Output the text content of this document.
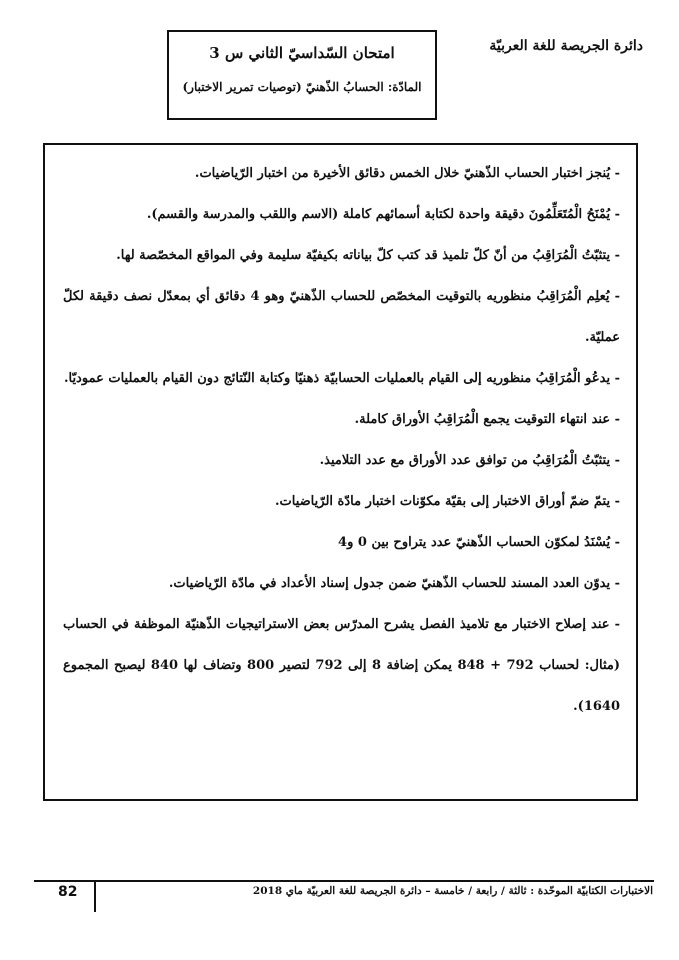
دائرة الجريصة للغة العربيّة
امتحان السّداسيّ الثاني س 3
المادّة: الحسابُ الذّهنيّ (توصيات تمرير الاختبار)

- يُنجز اختبار الحساب الذّهنيّ خلال الخمس دقائق الأخيرة من اختبار الرّياضيات.

- يُمْنَحُ الْمُتَعَلِّمُونَ دقيقة واحدة لكتابة أسمائهم كاملة (الاسم واللقب والمدرسة والقسم).

- يتثبّتُ الْمُرَاقِبُ من أنّ كلّ تلميذ قد كتب كلّ بياناته بكيفيّة سليمة وفي المواقع المخصّصة لها.

- يُعلِم الْمُرَاقِبُ منظوريه بالتوقيت المخصّص للحساب الذّهنيّ وهو 4 دقائق أي بمعدّل نصف دقيقة لكلّ عمليّة.

- يدعُو الْمُرَاقِبُ منظوريه إلى القيام بالعمليات الحسابيّة ذهنيّا وكتابة النّتائج دون القيام بالعمليات عموديّا.

- عند انتهاء التوقيت يجمع الْمُرَاقِبُ الأوراق كاملة.

- يتثبّتُ الْمُرَاقِبُ من توافق عدد الأوراق مع عدد التلاميذ.

- يتمّ ضمّ أوراق الاختبار إلى بقيّة مكوّنات اختبار مادّة الرّياضيات.

- يُسْنَدُ لمكوّن الحساب الذّهنيّ عدد يتراوح بين 0 و4

- يدوّن العدد المسند للحساب الذّهنيّ ضمن جدول إسناد الأعداد في مادّة الرّياضيات.

- عند إصلاح الاختبار مع تلاميذ الفصل يشرح المدرّس بعض الاستراتيجيات الذّهنيّة الموظفة في الحساب (مثال: لحساب 792 + 848 يمكن إضافة 8 إلى 792 لتصير 800 وتضاف لها 840 ليصبح المجموع 1640).

الاختبارات الكتابيّة الموحّدة : ثالثة / رابعة / خامسة – دائرة الجريصة للغة العربيّة ماي 2018
82
